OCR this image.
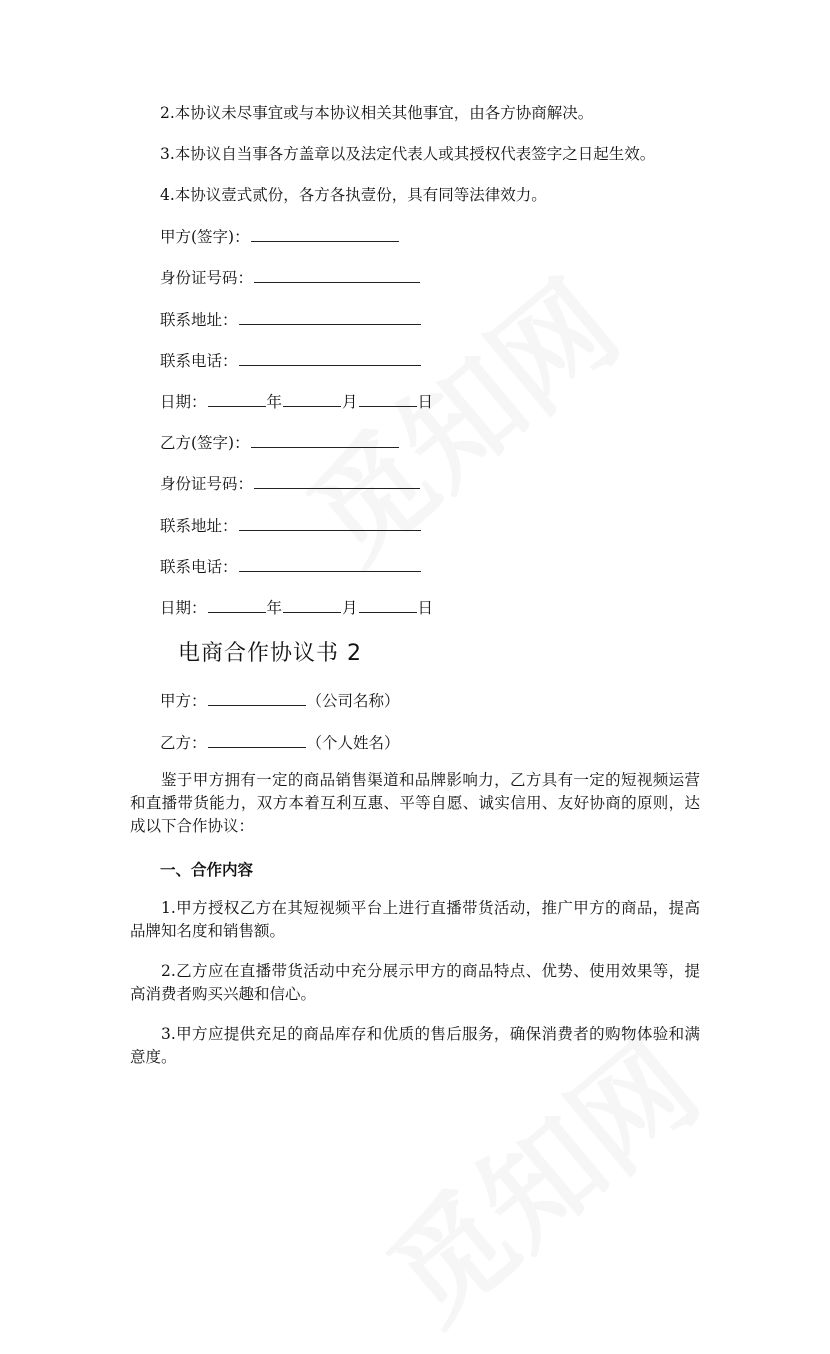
2.本协议未尽事宜或与本协议相关其他事宜，由各方协商解决。
3.本协议自当事各方盖章以及法定代表人或其授权代表签字之日起生效。
4.本协议壹式贰份，各方各执壹份，具有同等法律效力。
甲方(签字)：
身份证号码：
联系地址：
联系电话：
日期：	年	月	日
乙方(签字)：
身份证号码：
联系地址：
联系电话：
日期：	年	月	日
电商合作协议书 2
甲方：	（公司名称）
乙方：	（个人姓名）
鉴于甲方拥有一定的商品销售渠道和品牌影响力，乙方具有一定的短视频运营和直播带货能力，双方本着互利互惠、平等自愿、诚实信用、友好协商的原则，达成以下合作协议：
一、合作内容
1.甲方授权乙方在其短视频平台上进行直播带货活动，推广甲方的商品，提高品牌知名度和销售额。
2.乙方应在直播带货活动中充分展示甲方的商品特点、优势、使用效果等，提高消费者购买兴趣和信心。
3.甲方应提供充足的商品库存和优质的售后服务，确保消费者的购物体验和满意度。
